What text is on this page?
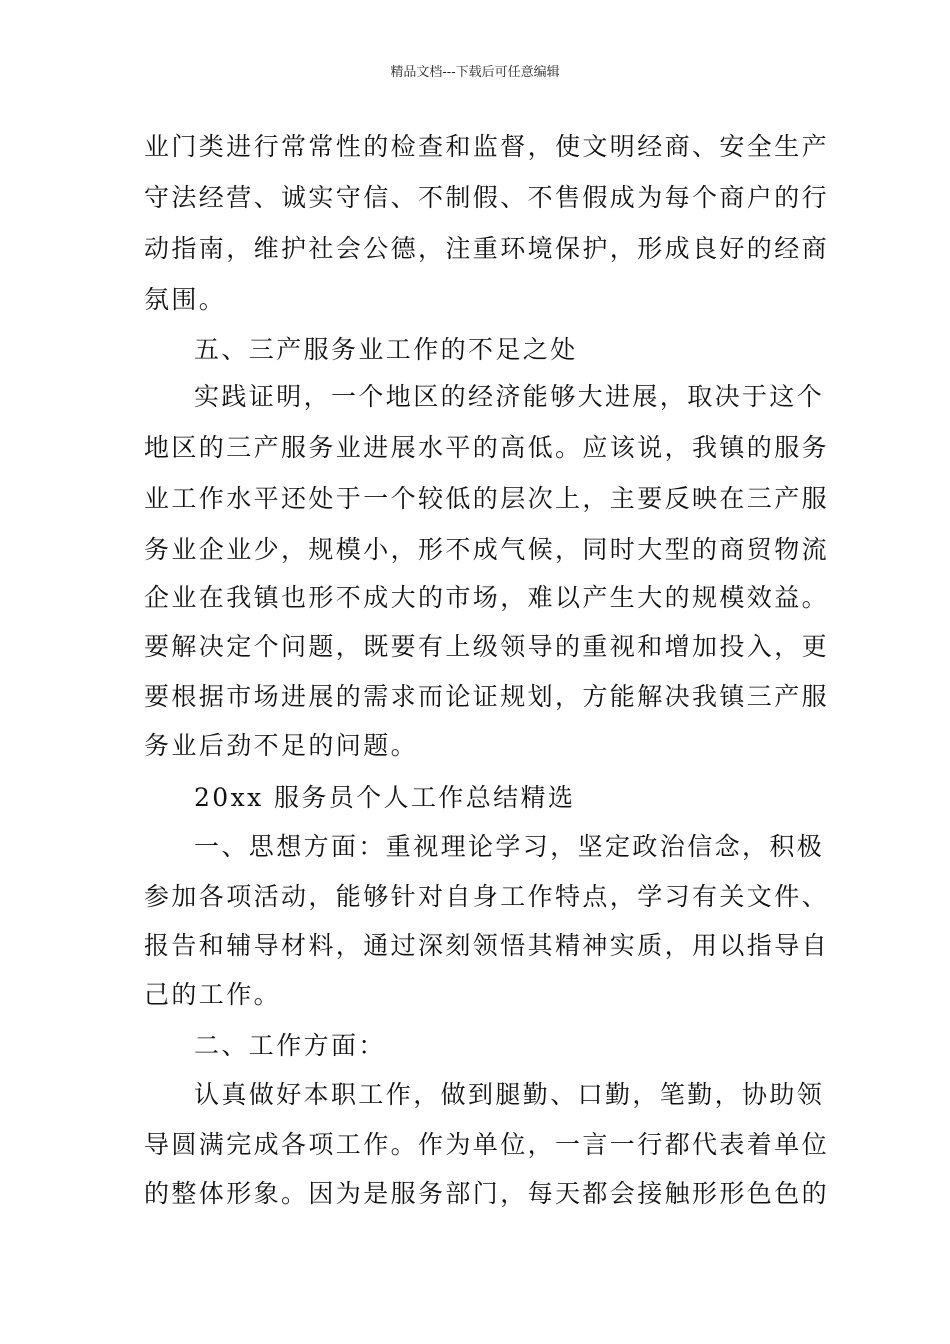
精品文档---下载后可任意编辑
业门类进行常常性的检查和监督，使文明经商、安全生产
守法经营、诚实守信、不制假、不售假成为每个商户的行
动指南，维护社会公德，注重环境保护，形成良好的经商
氛围。
五、三产服务业工作的不足之处
实践证明，一个地区的经济能够大进展，取决于这个
地区的三产服务业进展水平的高低。应该说，我镇的服务
业工作水平还处于一个较低的层次上，主要反映在三产服
务业企业少，规模小，形不成气候，同时大型的商贸物流
企业在我镇也形不成大的市场，难以产生大的规模效益。
要解决定个问题，既要有上级领导的重视和增加投入，更
要根据市场进展的需求而论证规划，方能解决我镇三产服
务业后劲不足的问题。
20xx 服务员个人工作总结精选
一、思想方面：重视理论学习，坚定政治信念，积极
参加各项活动，能够针对自身工作特点，学习有关文件、
报告和辅导材料，通过深刻领悟其精神实质，用以指导自
己的工作。
二、工作方面：
认真做好本职工作，做到腿勤、口勤，笔勤，协助领
导圆满完成各项工作。作为单位，一言一行都代表着单位
的整体形象。因为是服务部门，每天都会接触形形色色的
